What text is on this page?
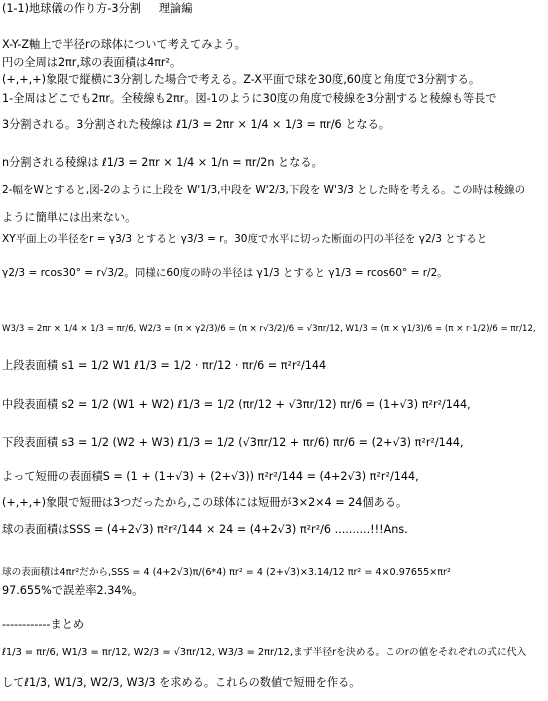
(1-1)地球儀の作り方-3分割 理論編
X-Y-Z軸上で半径rの球体について考えてみよう。
円の全周は2πr,球の表面積は4πr²。
(+,+,+)象限で縦横に3分割した場合で考える。Z-X平面で球を30度,60度と角度で3分割する。
1-全周はどこでも2πr。全稜線も2πr。図-1のように30度の角度で稜線を3分割すると稜線も等長で
3分割される。3分割された稜線は ℓ1/3 = 2πr × 1/4 × 1/3 = πr/6 となる。
n分割される稜線は ℓ1/3 = 2πr × 1/4 × 1/n = πr/2n となる。
2-幅をWとすると,図-2のように上段を W'1/3,中段を W'2/3,下段を W'3/3 とした時を考える。この時は稜線の
ように簡単には出来ない。
XY平面上の半径をr = γ3/3 とすると γ3/3 = r。30度で水平に切った断面の円の半径を γ2/3 とすると
γ2/3 = rcos30° = r√3/2。同様に60度の時の半径は γ1/3 とすると γ1/3 = rcos60° = r/2。
W3/3 = 2πr × 1/4 × 1/3 = πr/6, W2/3 = (π × γ2/3)/6 = (π × r√3/2)/6 = √3πr/12, W1/3 = (π × γ1/3)/6 = (π × r·1/2)/6 = πr/12,
上段表面積 s1 = 1/2 W1 ℓ1/3 = 1/2 · πr/12 · πr/6 = π²r²/144
中段表面積 s2 = 1/2 (W1 + W2) ℓ1/3 = 1/2 (πr/12 + √3πr/12) πr/6 = (1+√3) π²r²/144,
下段表面積 s3 = 1/2 (W2 + W3) ℓ1/3 = 1/2 (√3πr/12 + πr/6) πr/6 = (2+√3) π²r²/144,
よって短冊の表面積S = (1 + (1+√3) + (2+√3)) π²r²/144 = (4+2√3) π²r²/144,
(+,+,+)象限で短冊は3つだったから,この球体には短冊が3×2×4 = 24個ある。
球の表面積はSSS = (4+2√3) π²r²/144 × 24 = (4+2√3) π²r²/6 ..........!!!Ans.
球の表面積は4πr²だから,SSS = 4 (4+2√3)π/(6*4) πr² = 4 (2+√3)×3.14/12 πr² = 4×0.97655×πr²
97.655%で誤差率2.34%。
------------まとめ
ℓ1/3 = πr/6, W1/3 = πr/12, W2/3 = √3πr/12, W3/3 = 2πr/12,まず半径rを決める。このrの値をそれぞれの式に代入
してℓ1/3, W1/3, W2/3, W3/3 を求める。これらの数値で短冊を作る。
